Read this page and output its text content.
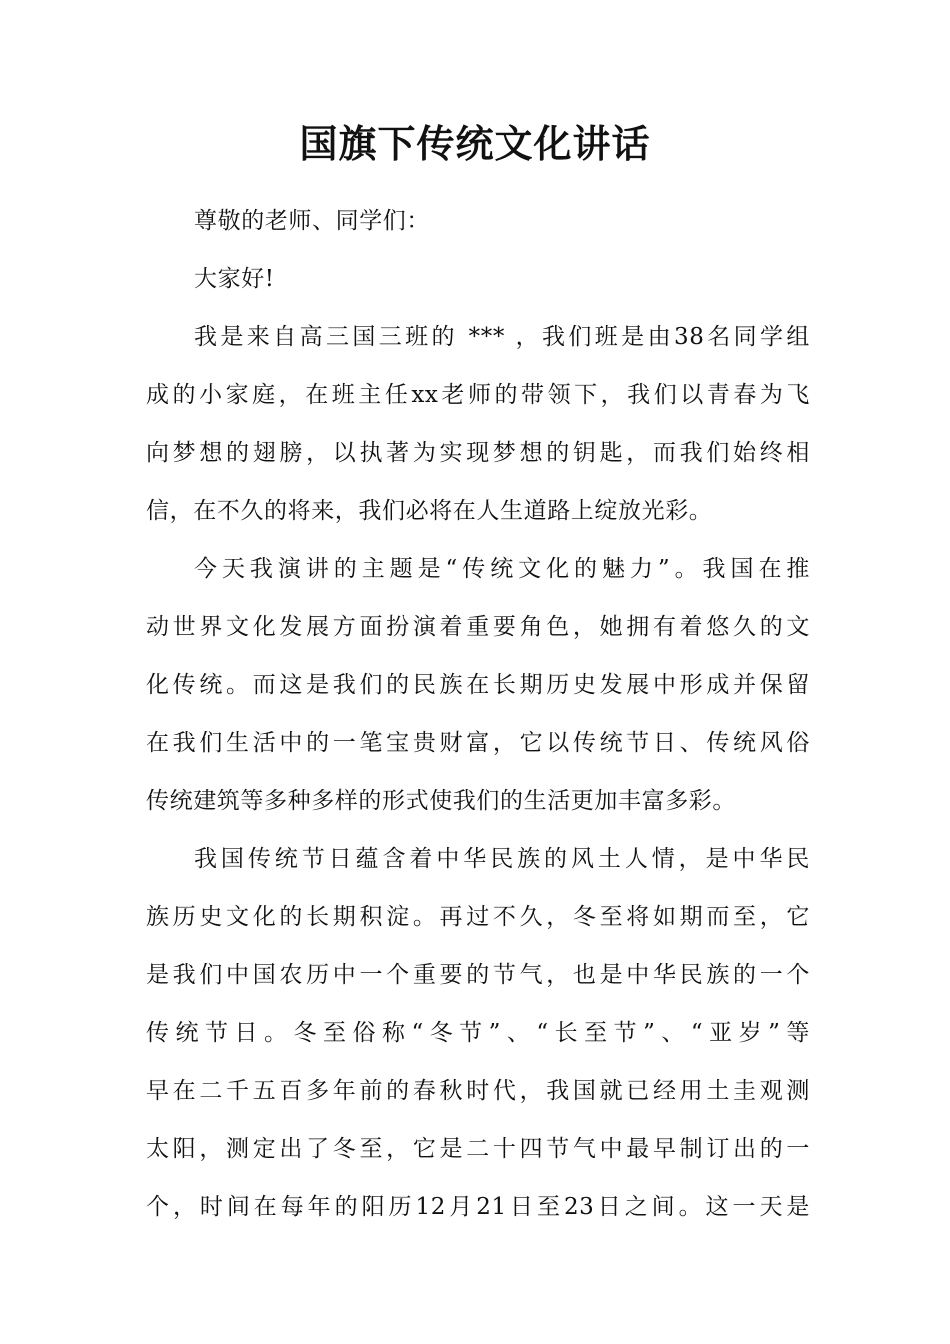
国旗下传统文化讲话
尊敬的老师、同学们：
大家好!
我是来自高三国三班的 *** ，我们班是由38名同学组
成的小家庭，在班主任xx老师的带领下，我们以青春为飞
向梦想的翅膀，以执著为实现梦想的钥匙，而我们始终相
信，在不久的将来，我们必将在人生道路上绽放光彩。
今天我演讲的主题是“传统文化的魅力”。我国在推
动世界文化发展方面扮演着重要角色，她拥有着悠久的文
化传统。而这是我们的民族在长期历史发展中形成并保留
在我们生活中的一笔宝贵财富，它以传统节日、传统风俗
传统建筑等多种多样的形式使我们的生活更加丰富多彩。
我国传统节日蕴含着中华民族的风土人情，是中华民
族历史文化的长期积淀。再过不久，冬至将如期而至，它
是我们中国农历中一个重要的节气，也是中华民族的一个
传统节日。冬至俗称“冬节”、“长至节”、“亚岁”等
早在二千五百多年前的春秋时代，我国就已经用土圭观测
太阳，测定出了冬至，它是二十四节气中最早制订出的一
个，时间在每年的阳历12月21日至23日之间。这一天是
